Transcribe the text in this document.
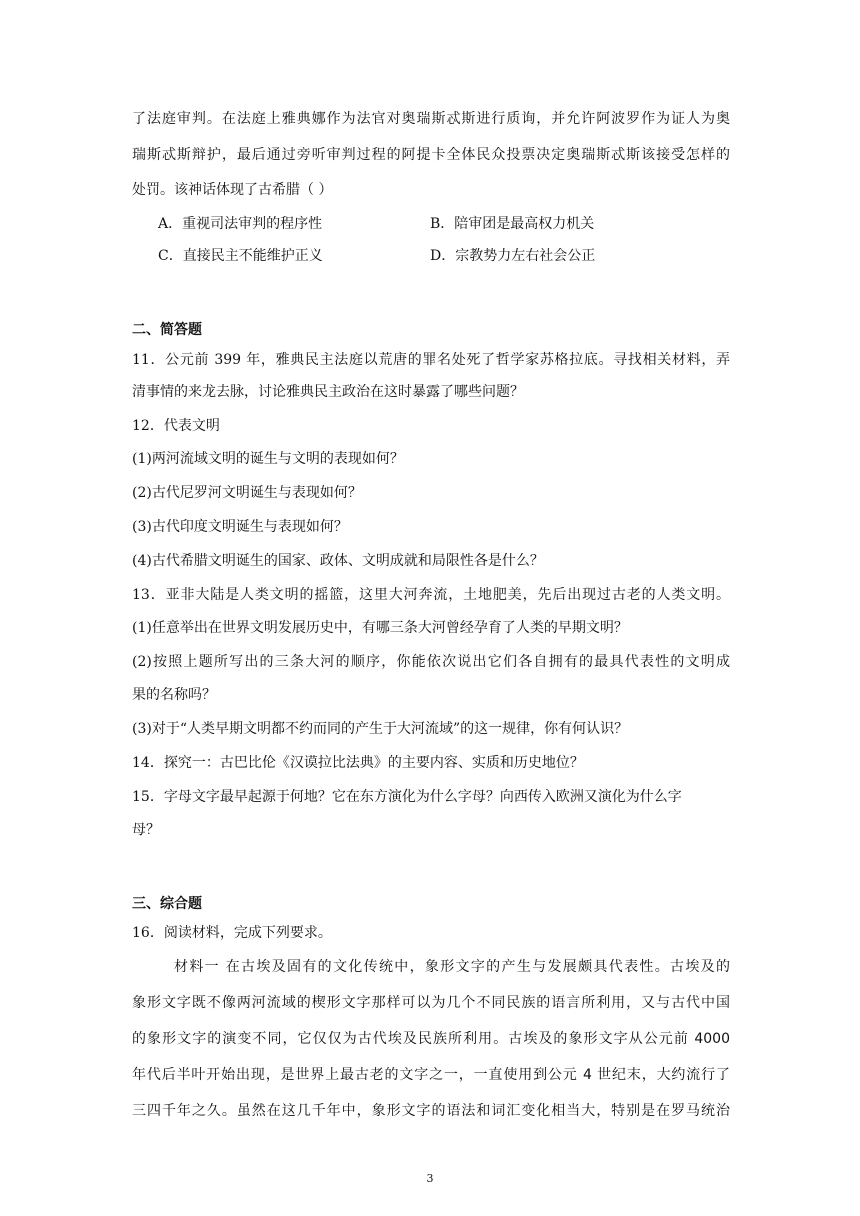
了法庭审判。在法庭上雅典娜作为法官对奥瑞斯忒斯进行质询，并允许阿波罗作为证人为奥
瑞斯忒斯辩护，最后通过旁听审判过程的阿提卡全体民众投票决定奥瑞斯忒斯该接受怎样的
处罚。该神话体现了古希腊（ ）
A．重视司法审判的程序性	B．陪审团是最高权力机关
C．直接民主不能维护正义	D．宗教势力左右社会公正
二、简答题
11．公元前 399 年，雅典民主法庭以荒唐的罪名处死了哲学家苏格拉底。寻找相关材料，弄
清事情的来龙去脉，讨论雅典民主政治在这时暴露了哪些问题？
12．代表文明
(1)两河流域文明的诞生与文明的表现如何？
(2)古代尼罗河文明诞生与表现如何？
(3)古代印度文明诞生与表现如何？
(4)古代希腊文明诞生的国家、政体、文明成就和局限性各是什么？
13．亚非大陆是人类文明的摇篮，这里大河奔流，土地肥美，先后出现过古老的人类文明。
(1)任意举出在世界文明发展历史中，有哪三条大河曾经孕育了人类的早期文明？
(2)按照上题所写出的三条大河的顺序，你能依次说出它们各自拥有的最具代表性的文明成
果的名称吗？
(3)对于“人类早期文明都不约而同的产生于大河流域”的这一规律，你有何认识？
14．探究一：古巴比伦《汉谟拉比法典》的主要内容、实质和历史地位？
15．字母文字最早起源于何地？它在东方演化为什么字母？向西传入欧洲又演化为什么字
母？
三、综合题
16．阅读材料，完成下列要求。
材料一 在古埃及固有的文化传统中，象形文字的产生与发展颇具代表性。古埃及的
象形文字既不像两河流域的楔形文字那样可以为几个不同民族的语言所利用，又与古代中国
的象形文字的演变不同，它仅仅为古代埃及民族所利用。古埃及的象形文字从公元前 4000
年代后半叶开始出现，是世界上最古老的文字之一，一直使用到公元 4 世纪末，大约流行了
三四千年之久。虽然在这几千年中，象形文字的语法和词汇变化相当大，特别是在罗马统治
3
